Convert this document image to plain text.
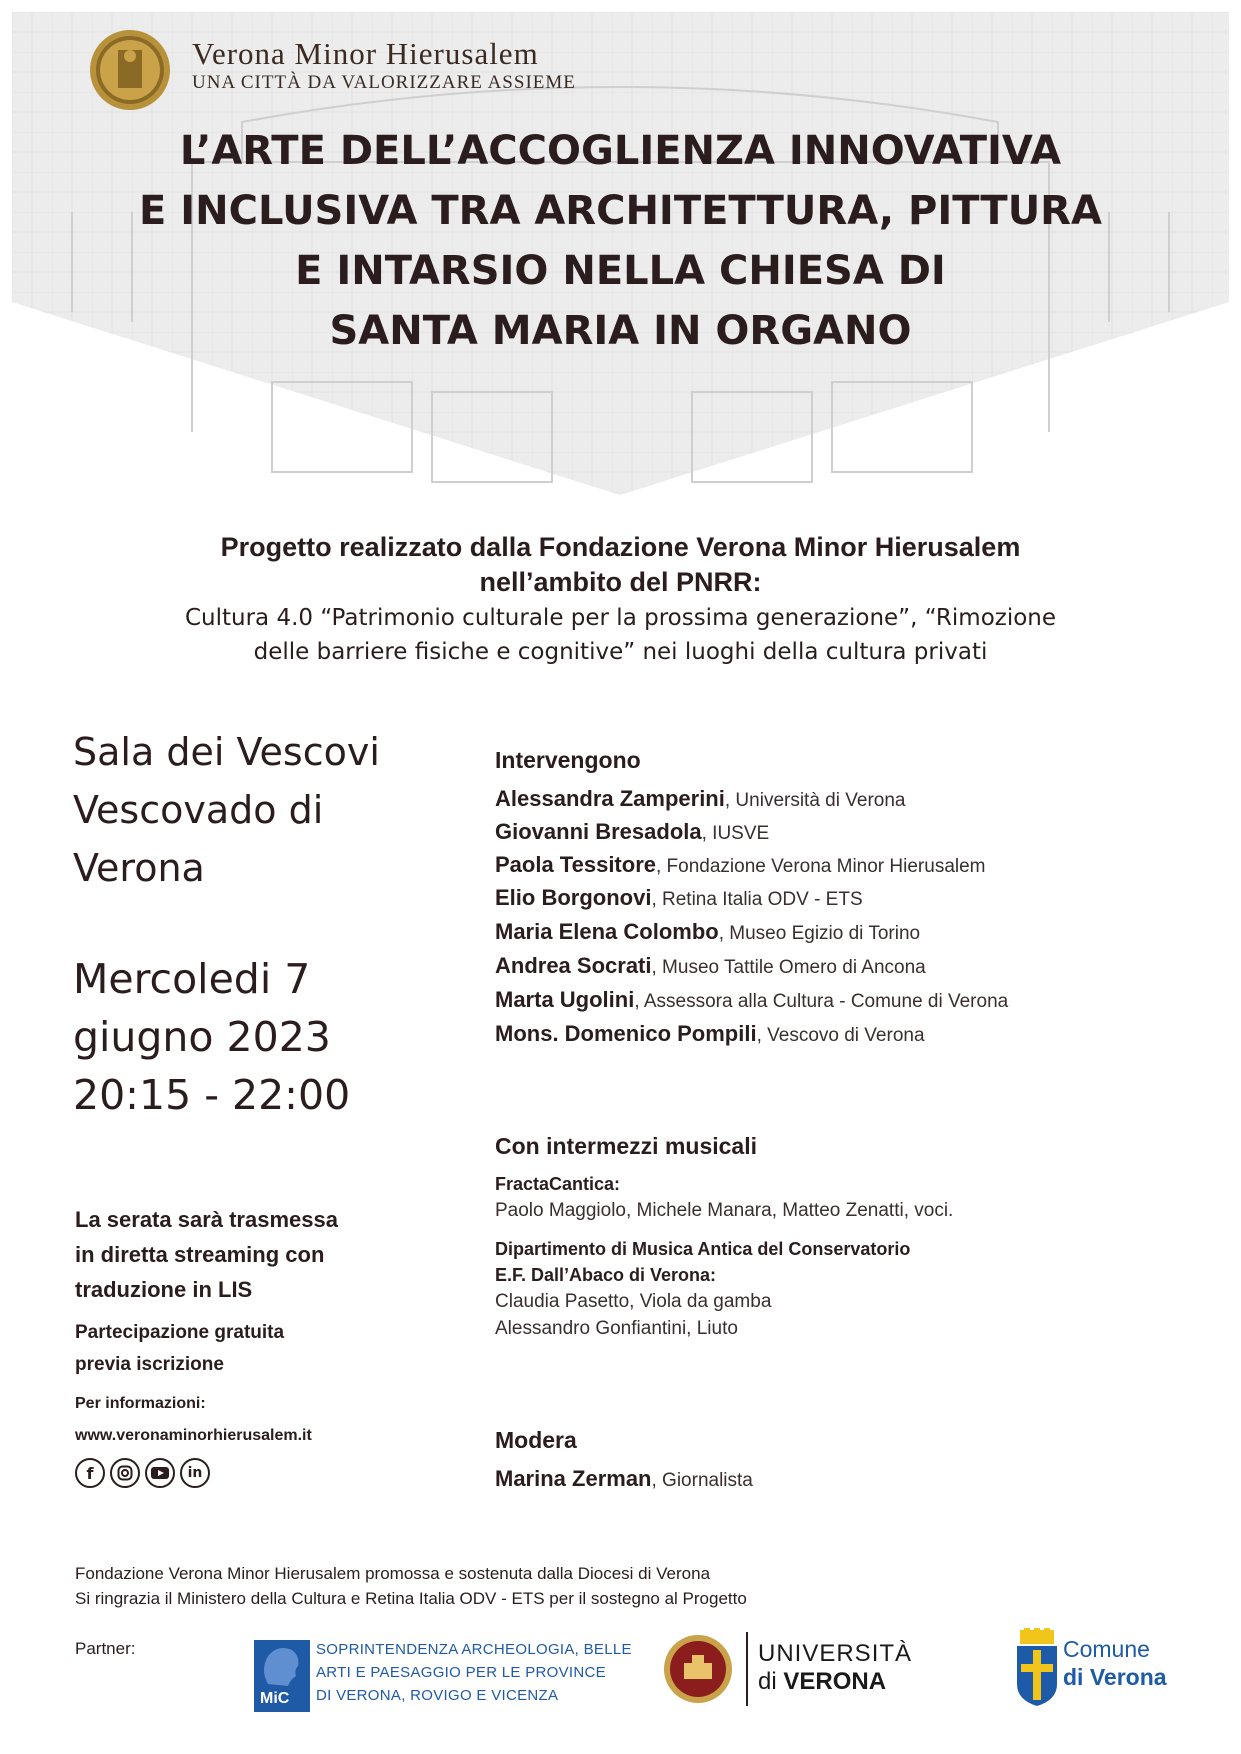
Verona Minor Hierusalem
UNA CITTÀ DA VALORIZZARE ASSIEME
L’ARTE DELL’ACCOGLIENZA INNOVATIVA
E INCLUSIVA TRA ARCHITETTURA, PITTURA
E INTARSIO NELLA CHIESA DI
SANTA MARIA IN ORGANO
Progetto realizzato dalla Fondazione Verona Minor Hierusalem
nell’ambito del PNRR:
Cultura 4.0 “Patrimonio culturale per la prossima generazione”, “Rimozione
delle barriere fisiche e cognitive” nei luoghi della cultura privati
Sala dei Vescovi
Vescovado di
Verona
Mercoledi 7
giugno 2023
20:15 - 22:00
La serata sarà trasmessa
in diretta streaming con
traduzione in LIS
Partecipazione gratuita
previa iscrizione
Per informazioni:
www.veronaminorhierusalem.it
f	in
Intervengono
Alessandra Zamperini, Università di Verona
Giovanni Bresadola, IUSVE
Paola Tessitore, Fondazione Verona Minor Hierusalem
Elio Borgonovi, Retina Italia ODV - ETS
Maria Elena Colombo, Museo Egizio di Torino
Andrea Socrati, Museo Tattile Omero di Ancona
Marta Ugolini, Assessora alla Cultura - Comune di Verona
Mons. Domenico Pompili, Vescovo di Verona
Con intermezzi musicali
FractaCantica:
Paolo Maggiolo, Michele Manara, Matteo Zenatti, voci.
Dipartimento di Musica Antica del Conservatorio
E.F. Dall’Abaco di Verona:
Claudia Pasetto, Viola da gamba
Alessandro Gonfiantini, Liuto
Modera
Marina Zerman, Giornalista
Fondazione Verona Minor Hierusalem promossa e sostenuta dalla Diocesi di Verona
Si ringrazia il Ministero della Cultura e Retina Italia ODV - ETS per il sostegno al Progetto
Partner:
MiC
SOPRINTENDENZA ARCHEOLOGIA, BELLE
ARTI E PAESAGGIO PER LE PROVINCE
DI VERONA, ROVIGO E VICENZA
UNIVERSITÀ
di VERONA
Comune
di Verona
